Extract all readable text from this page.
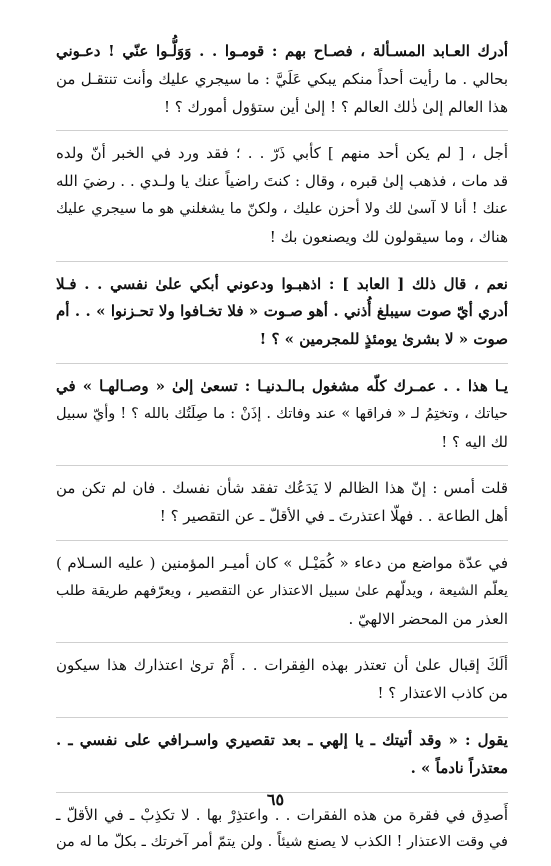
أدرك العـابد المسـألة ، فصـاح بهم : قومـوا . . وَوَلُّـوا عنّي ! دعـوني
بحالي . ما رأيت أحداً منكم يبكي عَلَيَّ : ما سيجري عليك وأنت تنتقـل من
هذا العالم إلىٰ ذٰلك العالم ؟ ! إلىٰ أين ستؤول أمورك ؟ !
أجل ، [ لم يكن أحد منهم ] كأبي ذَرّ . . ؛ فقد ورد في الخبر أنّ ولده
قد مات ، فذهب إلىٰ قبره ، وقال : كنتَ راضياً عنك يا ولـدي . . رضيَ الله
عنك ! أنا لا آسىٰ لك ولا أحزن عليك ، ولكنّ ما يشغلني هو ما سيجري عليك
هناك ، وما سيقولون لك ويصنعون بك !
نعم ، قال ذلك [ العابد ] : اذهبـوا ودعوني أبكي علىٰ نفسي . . فـلا
أدري أيّ صوت سيبلغ أُذني . أهو صـوت « فلا تخـافوا ولا تحـزنوا » . . أم
صوت « لا بشرىٰ يومئذٍ للمجرمين » ؟ !
يـا هذا . . عمـرك كلّه مشغول بـالـدنيـا : تسعىٰ إلىٰ « وصـالهـا » في
حياتك ، وتختِمُ لـ « فراقها » عند وفاتك . إذَنْ : ما صِلَتُك بالله ؟ ! وأيّ سبيل
لك اليه ؟ !
قلت أمس : إنّ هذا الظالم لا يَدَعُك تفقد شأن نفسك . فان لم تكن من
أهل الطاعة . . فهلّا اعتذرتَ ـ في الأقلّ ـ عن التقصير ؟ !
في عدّة مواضع من دعاء « كُمَيْـل » كان أميـر المؤمنين ( عليه السـلام )
يعلّم الشيعة ، ويدلّهم علىٰ سبيل الاعتذار عن التقصير ، ويعرّفهم طريقة طلب
العذر من المحضر الالهيّ .
ألَكَ إقبال علىٰ أن تعتذر بهذه الفِقرات . . أَمْ ترىٰ اعتذارك هذا سيكون
من كاذب الاعتذار ؟ !
يقول : « وقد أتيتك ـ يا إلهي ـ بعد تقصيري واسـرافي على نفسي ـ .
معتذراً نادماً » .
أَصدِق في فقرة من هذه الفقرات . . واعتذِرْ بها . لا تكذِبْ ـ في الأقلّ ـ
في وقت الاعتذار ! الكذب لا يصنع شيئاً . ولن يتمّ أمر آخرتك ـ بكلّ ما له من
٦٥
